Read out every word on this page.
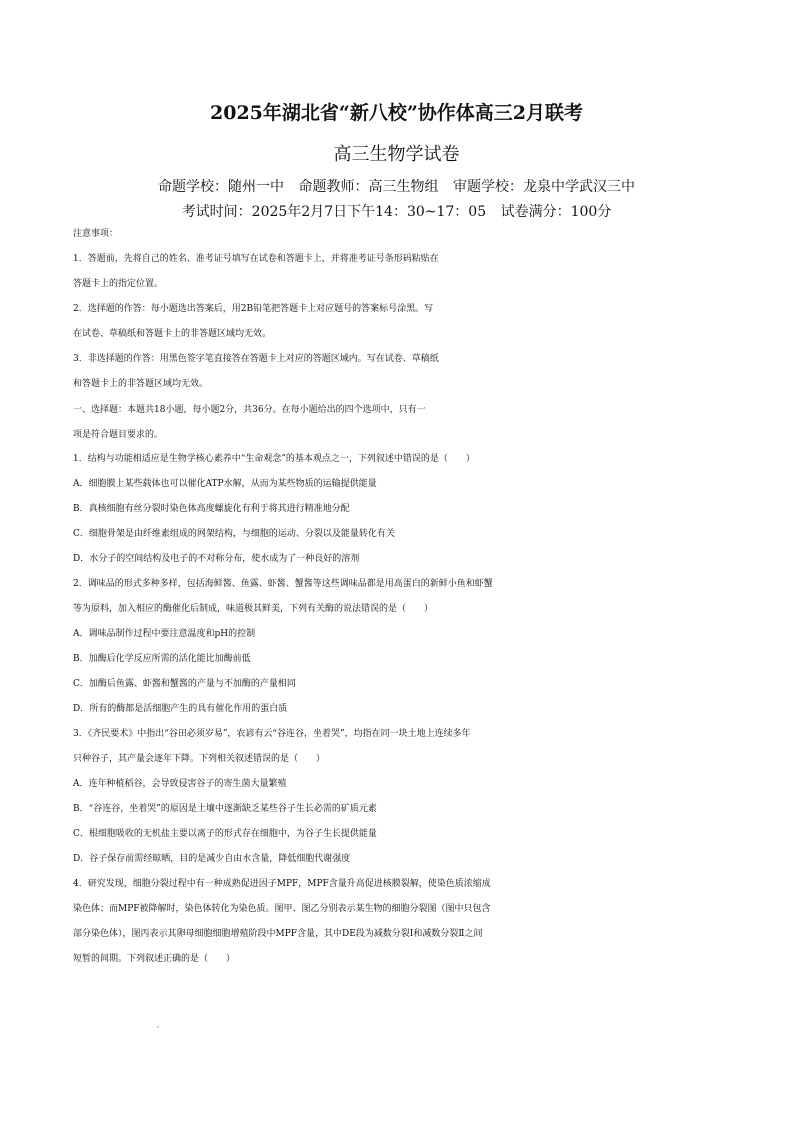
2025年湖北省“新八校”协作体高三2月联考
高三生物学试卷
命题学校：随州一中 命题教师：高三生物组 审题学校：龙泉中学武汉三中
考试时间：2025年2月7日下午14：30~17：05 试卷满分：100分
注意事项：
1．答题前，先将自己的姓名、准考证号填写在试卷和答题卡上，并将准考证号条形码粘贴在
答题卡上的指定位置。
2．选择题的作答：每小题选出答案后，用2B铅笔把答题卡上对应题号的答案标号涂黑。写
在试卷、草稿纸和答题卡上的非答题区域均无效。
3．非选择题的作答：用黑色签字笔直接答在答题卡上对应的答题区域内。写在试卷、草稿纸
和答题卡上的非答题区域均无效。
一、选择题：本题共18小题，每小题2分，共36分。在每小题给出的四个选项中，只有一
项是符合题目要求的。
1．结构与功能相适应是生物学核心素养中“生命观念”的基本观点之一，下列叙述中错误的是（　　）
A．细胞膜上某些载体也可以催化ATP水解，从而为某些物质的运输提供能量
B．真核细胞有丝分裂时染色体高度螺旋化有利于将其进行精准地分配
C．细胞骨架是由纤维素组成的网架结构，与细胞的运动、分裂以及能量转化有关
D．水分子的空间结构及电子的不对称分布，使水成为了一种良好的溶剂
2．调味品的形式多种多样，包括海鲜酱、鱼露、虾酱、蟹酱等这些调味品都是用高蛋白的新鲜小鱼和虾蟹
等为原料，加入相应的酶催化后制成，味道极其鲜美，下列有关酶的说法错误的是（　　）
A．调味品制作过程中要注意温度和pH的控制
B．加酶后化学反应所需的活化能比加酶前低
C．加酶后鱼露、虾酱和蟹酱的产量与不加酶的产量相同
D．所有的酶都是活细胞产生的具有催化作用的蛋白质
3．《齐民要术》中指出“谷田必须岁易”，农谚有云“谷连谷，坐着哭”，均指在同一块土地上连续多年
只种谷子，其产量会逐年下降。下列相关叙述错误的是（　　）
A．连年种植稻谷，会导致侵害谷子的寄生菌大量繁殖
B．“谷连谷，坐着哭”的原因是土壤中逐渐缺乏某些谷子生长必需的矿质元素
C．根细胞吸收的无机盐主要以离子的形式存在细胞中，为谷子生长提供能量
D．谷子保存前需经晾晒，目的是减少自由水含量，降低细胞代谢强度
4．研究发现，细胞分裂过程中有一种成熟促进因子MPF，MPF含量升高促进核膜裂解，使染色质浓缩成
染色体；而MPF被降解时，染色体转化为染色质。图甲、图乙分别表示某生物的细胞分裂图（图中只包含
部分染色体），图丙表示其卵母细胞细胞增殖阶段中MPF含量，其中DE段为减数分裂Ⅰ和减数分裂Ⅱ之间
短暂的间期。下列叙述正确的是（　　）
